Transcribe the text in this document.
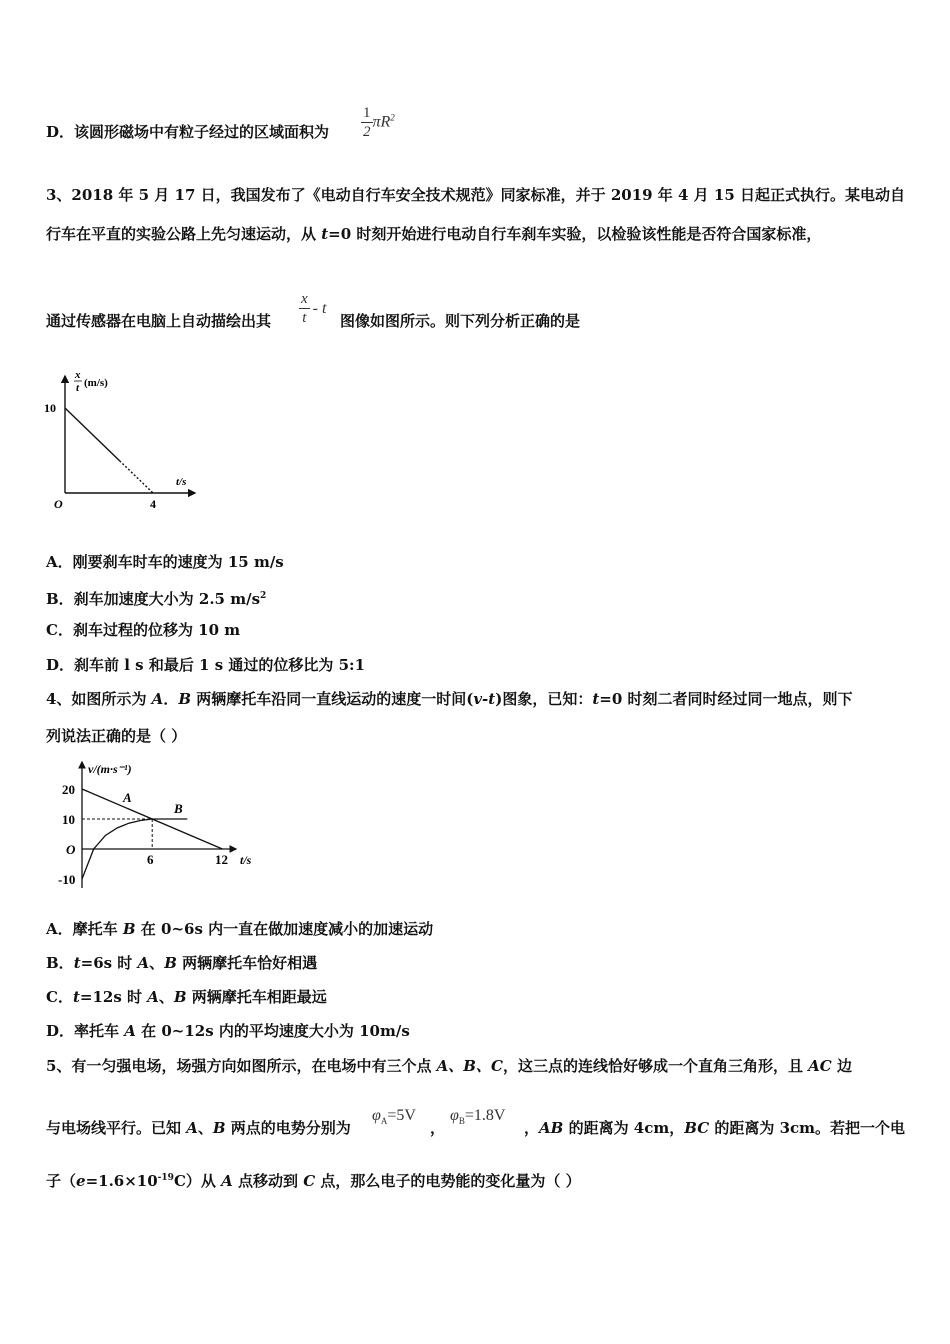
D．该圆形磁场中有粒子经过的区域面积为 $\frac{1}{2} \pi R^2$
3、2018 年 5 月 17 日，我国发布了《电动自行车安全技术规范》同家标准，并于 2019 年 4 月 15 日起正式执行。某电动自
行车在平直的实验公路上先匀速运动，从 t=0 时刻开始进行电动自行车刹车实验，以检验该性能是否符合国家标准，
通过传感器在电脑上自动描绘出其 $\frac{x}{t}$ - t
图像如图所示。则下列分析正确的是
x
t (m/s)
10
O	4
t/s
A．刚要刹车时车的速度为 15 m/s
B．刹车加速度大小为 2.5 $m/s^2$
C．刹车过程的位移为 10 m
D．刹车前 l s 和最后 1 s 通过的位移比为 5:1
4、如图所示为 A．B 两辆摩托车沿同一直线运动的速度一时间(v-t)图象，已知：t=0 时刻二者同时经过同一地点，则下
列说法正确的是（ ）
v/(m·s⁻¹)
20
10
O
-10
6	12 t/s
A
B
A．摩托车 B 在 0~6s 内一直在做加速度减小的加速运动
B．t=6s 时 A、B 两辆摩托车恰好相遇
C．t=12s 时 A、B 两辆摩托车相距最远
D．率托车 A 在 0~12s 内的平均速度大小为 10m/s
5、有一匀强电场，场强方向如图所示，在电场中有三个点 A、B、C，这三点的连线恰好够成一个直角三角形，且 AC 边
与电场线平行。已知 A、B 两点的电势分别为
$\varphi_A=5V$
，
$\varphi_B=1.8V$
，AB 的距离为 4cm，BC 的距离为 3cm。若把一个电
子$(e=1.6\times 10^{-19}C)$从 A 点移动到 C 点，那么电子的电势能的变化量为（ ）
